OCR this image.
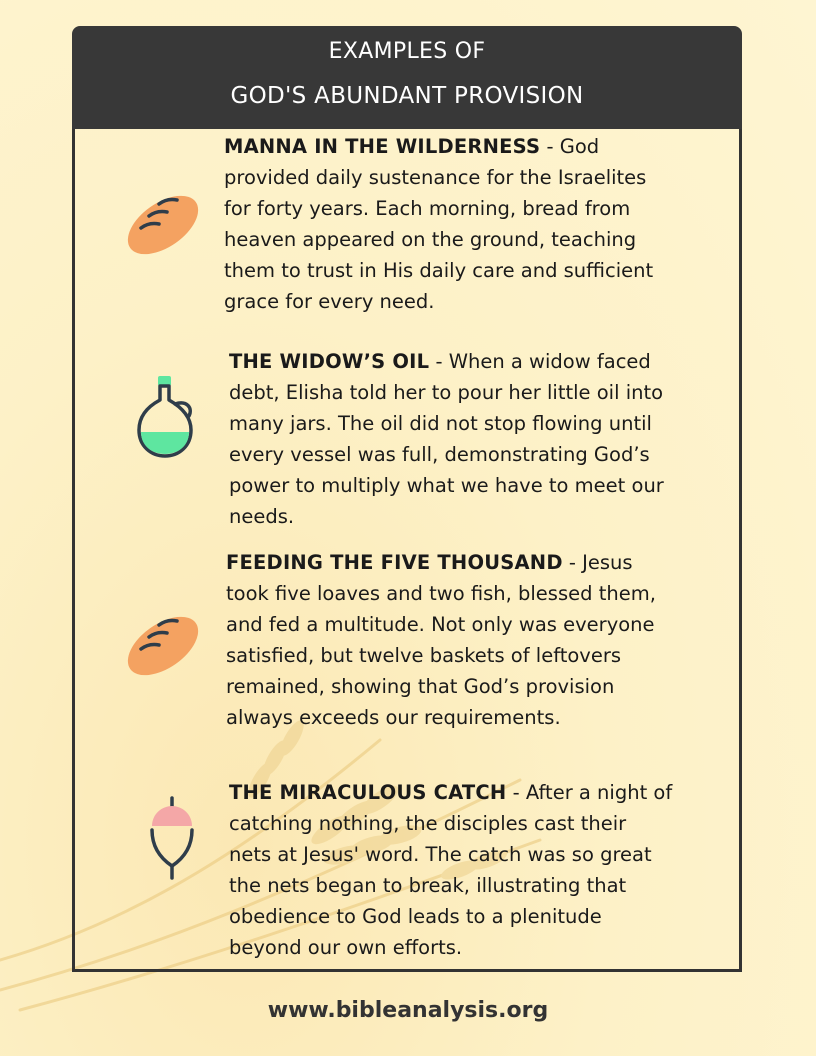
EXAMPLES OF
GOD'S ABUNDANT PROVISION
MANNA IN THE WILDERNESS - God provided daily sustenance for the Israelites for forty years. Each morning, bread from heaven appeared on the ground, teaching them to trust in His daily care and sufficient grace for every need.
THE WIDOW’S OIL - When a widow faced debt, Elisha told her to pour her little oil into many jars. The oil did not stop flowing until every vessel was full, demonstrating God’s power to multiply what we have to meet our needs.
FEEDING THE FIVE THOUSAND - Jesus took five loaves and two fish, blessed them, and fed a multitude. Not only was everyone satisfied, but twelve baskets of leftovers remained, showing that God’s provision always exceeds our requirements.
THE MIRACULOUS CATCH - After a night of catching nothing, the disciples cast their nets at Jesus' word. The catch was so great the nets began to break, illustrating that obedience to God leads to a plenitude beyond our own efforts.
www.bibleanalysis.org
